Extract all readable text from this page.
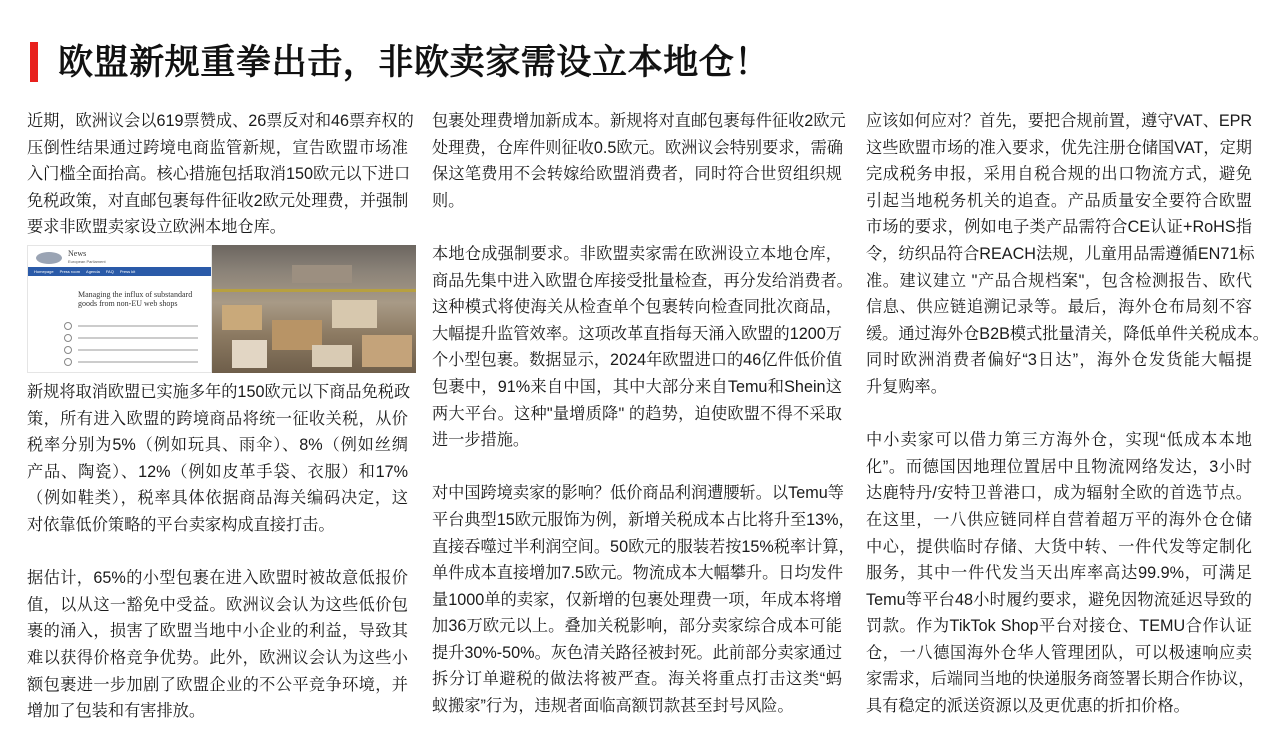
欧盟新规重拳出击，非欧卖家需设立本地仓！
近期，欧洲议会以619票赞成、26票反对和46票弃权的
压倒性结果通过跨境电商监管新规，宣告欧盟市场准
入门槛全面抬高。核心措施包括取消150欧元以下进口
免税政策，对直邮包裹每件征收2欧元处理费，并强制
要求非欧盟卖家设立欧洲本地仓库。
News
European Parliament
Homepage Press room Agenda FAQ Press kit
Managing the influx of substandard goods from non-EU web shops
新规将取消欧盟已实施多年的150欧元以下商品免税政
策，所有进入欧盟的跨境商品将统一征收关税，从价
税率分别为5%（例如玩具、雨伞）、8%（例如丝绸
产品、陶瓷）、12%（例如皮革手袋、衣服）和17%
（例如鞋类），税率具体依据商品海关编码决定，这
对依靠低价策略的平台卖家构成直接打击。
据估计，65%的小型包裹在进入欧盟时被故意低报价
值，以从这一豁免中受益。欧洲议会认为这些低价包
裹的涌入，损害了欧盟当地中小企业的利益，导致其
难以获得价格竞争优势。此外，欧洲议会认为这些小
额包裹进一步加剧了欧盟企业的不公平竞争环境，并
增加了包装和有害排放。
包裹处理费增加新成本。新规将对直邮包裹每件征收2欧元
处理费，仓库件则征收0.5欧元。欧洲议会特别要求，需确
保这笔费用不会转嫁给欧盟消费者，同时符合世贸组织规
则。
本地仓成强制要求。非欧盟卖家需在欧洲设立本地仓库，
商品先集中进入欧盟仓库接受批量检查，再分发给消费者。
这种模式将使海关从检查单个包裹转向检查同批次商品，
大幅提升监管效率。这项改革直指每天涌入欧盟的1200万
个小型包裹。数据显示，2024年欧盟进口的46亿件低价值
包裹中，91%来自中国，其中大部分来自Temu和Shein这
两大平台。这种"量增质降" 的趋势，迫使欧盟不得不采取
进一步措施。
对中国跨境卖家的影响？低价商品利润遭腰斩。以Temu等
平台典型15欧元服饰为例，新增关税成本占比将升至13%，
直接吞噬过半利润空间。50欧元的服装若按15%税率计算，
单件成本直接增加7.5欧元。物流成本大幅攀升。日均发件
量1000单的卖家，仅新增的包裹处理费一项，年成本将增
加36万欧元以上。叠加关税影响，部分卖家综合成本可能
提升30%-50%。灰色清关路径被封死。此前部分卖家通过
拆分订单避税的做法将被严查。海关将重点打击这类“蚂
蚁搬家”行为，违规者面临高额罚款甚至封号风险。
应该如何应对？首先，要把合规前置，遵守VAT、EPR
这些欧盟市场的准入要求，优先注册仓储国VAT，定期
完成税务申报，采用自税合规的出口物流方式，避免
引起当地税务机关的追查。产品质量安全要符合欧盟
市场的要求，例如电子类产品需符合CE认证+RoHS指
令，纺织品符合REACH法规，儿童用品需遵循EN71标
准。建议建立 "产品合规档案"，包含检测报告、欧代
信息、供应链追溯记录等。最后，海外仓布局刻不容
缓。通过海外仓B2B模式批量清关，降低单件关税成本。
同时欧洲消费者偏好“3日达”，海外仓发货能大幅提
升复购率。
中小卖家可以借力第三方海外仓，实现“低成本本地
化”。而德国因地理位置居中且物流网络发达，3小时
达鹿特丹/安特卫普港口，成为辐射全欧的首选节点。
在这里，一八供应链同样自营着超万平的海外仓仓储
中心，提供临时存储、大货中转、一件代发等定制化
服务，其中一件代发当天出库率高达99.9%，可满足
Temu等平台48小时履约要求，避免因物流延迟导致的
罚款。作为TikTok Shop平台对接仓、TEMU合作认证
仓，一八德国海外仓华人管理团队，可以极速响应卖
家需求，后端同当地的快递服务商签署长期合作协议，
具有稳定的派送资源以及更优惠的折扣价格。
